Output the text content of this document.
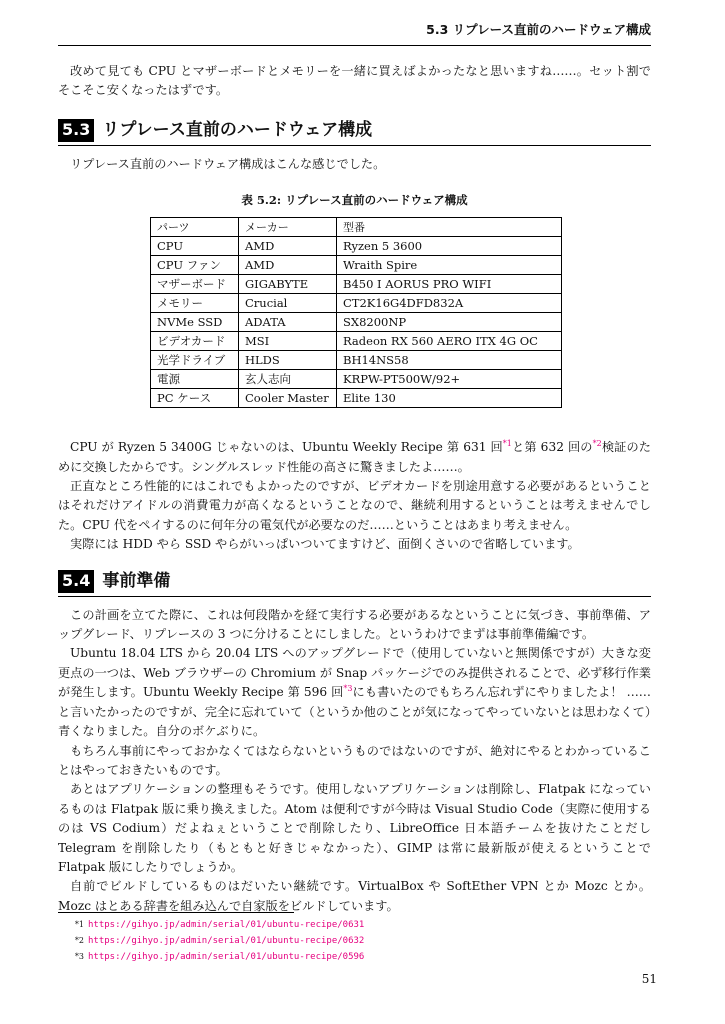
5.3 リプレース直前のハードウェア構成

改めて見ても CPU とマザーボードとメモリーを一緒に買えばよかったなと思いますね……。セット割でそこそこ安くなったはずです。

5.3 リプレース直前のハードウェア構成

リプレース直前のハードウェア構成はこんな感じでした。

表 5.2: リプレース直前のハードウェア構成
パーツ	メーカー	型番
CPU	AMD	Ryzen 5 3600
CPU ファン	AMD	Wraith Spire
マザーボード	GIGABYTE	B450 I AORUS PRO WIFI
メモリー	Crucial	CT2K16G4DFD832A
NVMe SSD	ADATA	SX8200NP
ビデオカード	MSI	Radeon RX 560 AERO ITX 4G OC
光学ドライブ	HLDS	BH14NS58
電源	玄人志向	KRPW-PT500W/92+
PC ケース	Cooler Master	Elite 130

CPU が Ryzen 5 3400G じゃないのは、Ubuntu Weekly Recipe 第 631 回$^{*1}$と第 632 回の$^{*2}$検証のために交換したからです。シングルスレッド性能の高さに驚きましたよ……。

正直なところ性能的にはこれでもよかったのですが、ビデオカードを別途用意する必要があるということはそれだけアイドルの消費電力が高くなるということなので、継続利用するということは考えませんでした。CPU 代をペイするのに何年分の電気代が必要なのだ……ということはあまり考えません。

実際には HDD やら SSD やらがいっぱいついてますけど、面倒くさいので省略しています。

5.4 事前準備

この計画を立てた際に、これは何段階かを経て実行する必要があるなということに気づき、事前準備、アップグレード、リプレースの 3 つに分けることにしました。というわけでまずは事前準備編です。

Ubuntu 18.04 LTS から 20.04 LTS へのアップグレードで（使用していないと無関係ですが）大きな変更点の一つは、Web ブラウザーの Chromium が Snap パッケージでのみ提供されることで、必ず移行作業が発生します。Ubuntu Weekly Recipe 第 596 回$^{*3}$にも書いたのでもちろん忘れずにやりましたよ！ ……と言いたかったのですが、完全に忘れていて（というか他のことが気になってやっていないとは思わなくて）青くなりました。自分のボケぶりに。

もちろん事前にやっておかなくてはならないというものではないのですが、絶対にやるとわかっていることはやっておきたいものです。

あとはアプリケーションの整理もそうです。使用しないアプリケーションは削除し、Flatpak になっているものは Flatpak 版に乗り換えました。Atom は便利ですが今時は Visual Studio Code（実際に使用するのは VS Codium）だよねぇということで削除したり、LibreOffice 日本語チームを抜けたことだし Telegram を削除したり（もともと好きじゃなかった）、GIMP は常に最新版が使えるということで Flatpak 版にしたりでしょうか。

自前でビルドしているものはだいたい継続です。VirtualBox や SoftEther VPN とか Mozc とか。Mozc はとある辞書を組み込んで自家版をビルドしています。

*1 https://gihyo.jp/admin/serial/01/ubuntu-recipe/0631
*2 https://gihyo.jp/admin/serial/01/ubuntu-recipe/0632
*3 https://gihyo.jp/admin/serial/01/ubuntu-recipe/0596
51
